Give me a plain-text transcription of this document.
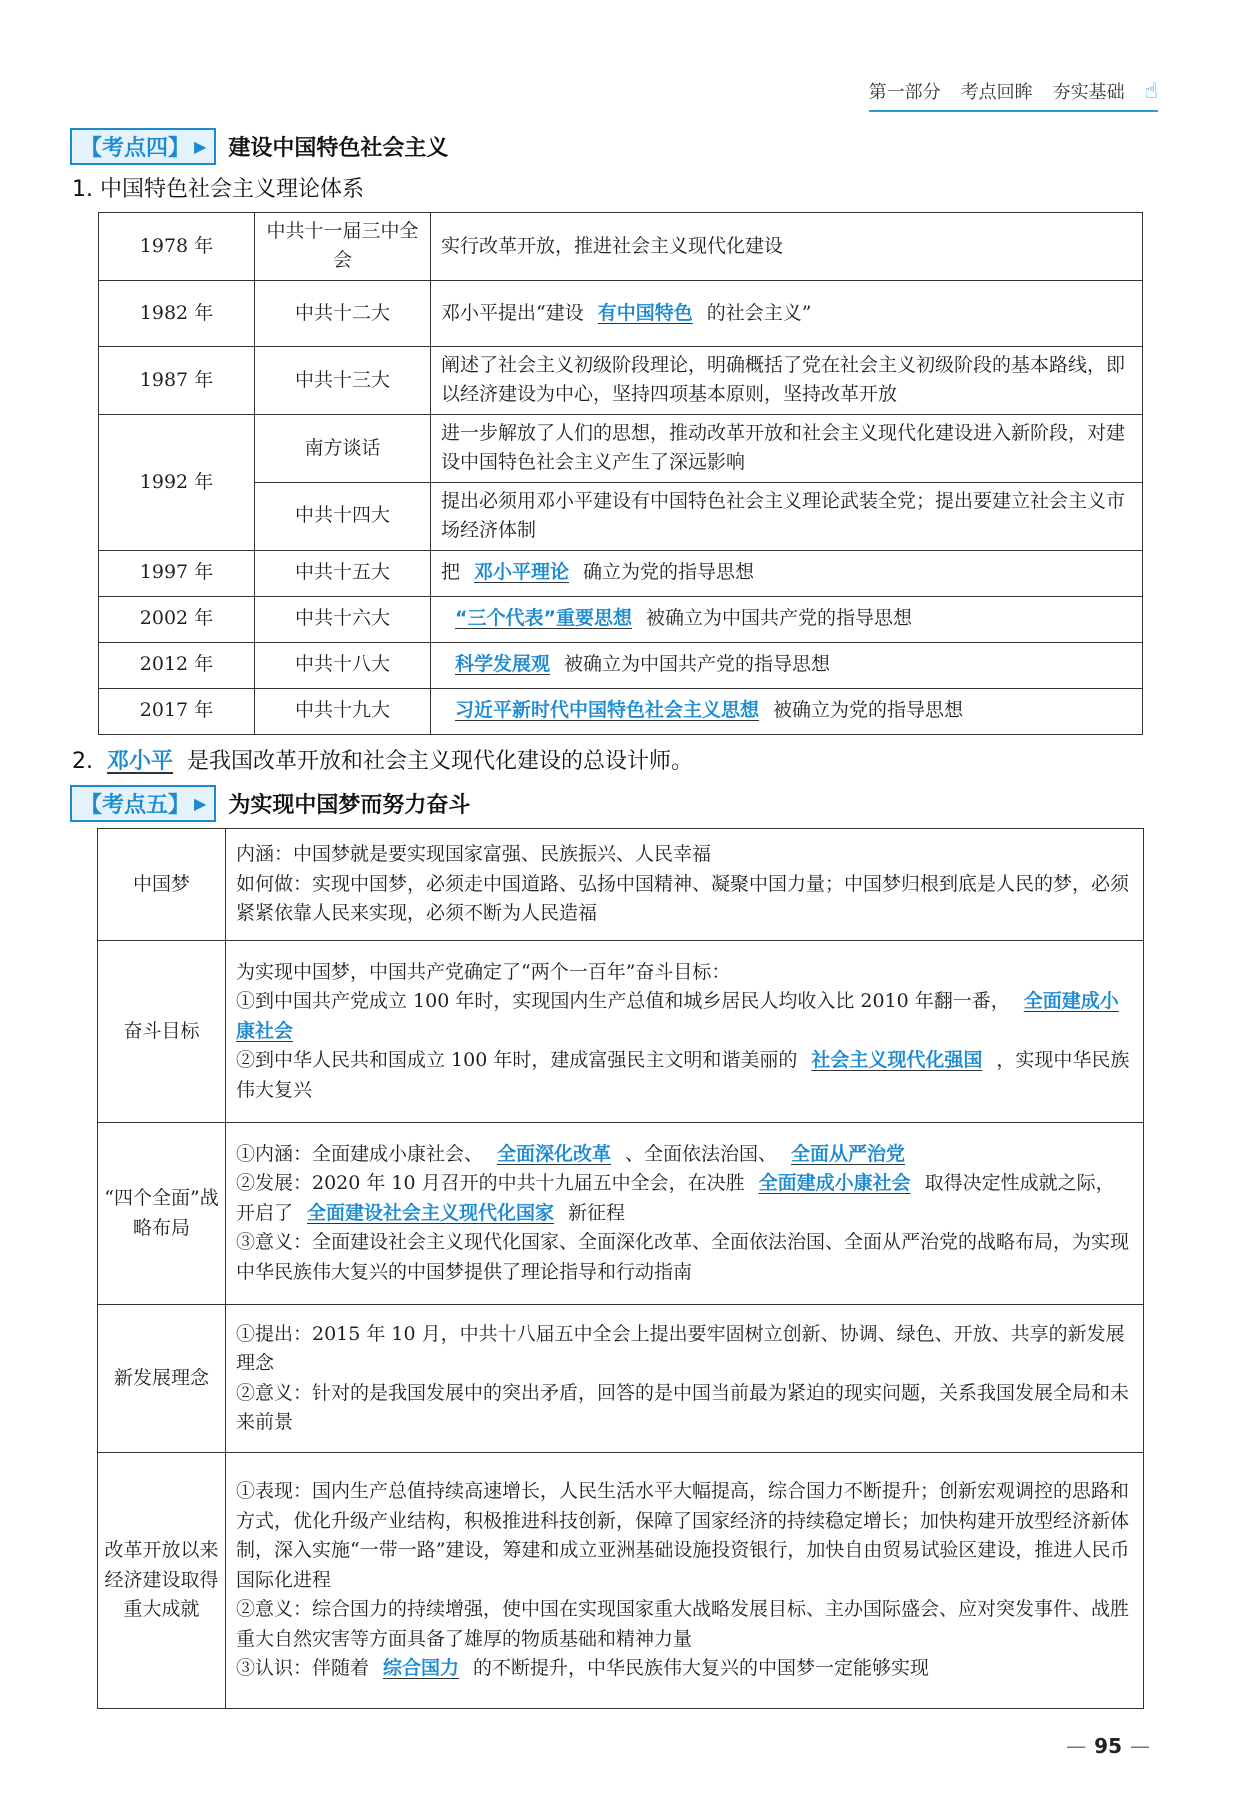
第一部分 考点回眸 夯实基础 ☝
【考点四】 ▶ 建设中国特色社会主义
1. 中国特色社会主义理论体系
1978 年	中共十一届三中全会	实行改革开放，推进社会主义现代化建设
1982 年	中共十二大	邓小平提出“建设 有中国特色 的社会主义”
1987 年	中共十三大	阐述了社会主义初级阶段理论，明确概括了党在社会主义初级阶段的基本路线，即以经济建设为中心，坚持四项基本原则，坚持改革开放
1992 年	南方谈话	进一步解放了人们的思想，推动改革开放和社会主义现代化建设进入新阶段，对建设中国特色社会主义产生了深远影响
	中共十四大	提出必须用邓小平建设有中国特色社会主义理论武装全党；提出要建立社会主义市场经济体制
1997 年	中共十五大	把 邓小平理论 确立为党的指导思想
2002 年	中共十六大	“三个代表”重要思想 被确立为中国共产党的指导思想
2012 年	中共十八大	科学发展观 被确立为中国共产党的指导思想
2017 年	中共十九大	习近平新时代中国特色社会主义思想 被确立为党的指导思想
2. 邓小平 是我国改革开放和社会主义现代化建设的总设计师。
【考点五】 ▶ 为实现中国梦而努力奋斗
中国梦	内涵：中国梦就是要实现国家富强、民族振兴、人民幸福

如何做：实现中国梦，必须走中国道路、弘扬中国精神、凝聚中国力量；中国梦归根到底是人民的梦，必须紧紧依靠人民来实现，必须不断为人民造福

奋斗目标	为实现中国梦，中国共产党确定了“两个一百年”奋斗目标：

①到中国共产党成立 100 年时，实现国内生产总值和城乡居民人均收入比 2010 年翻一番， 全面建成小康社会

②到中华人民共和国成立 100 年时，建成富强民主文明和谐美丽的 社会主义现代化强国 ，实现中华民族伟大复兴

“四个全面”战略布局	①内涵：全面建成小康社会、 全面深化改革 、全面依法治国、 全面从严治党

②发展：2020 年 10 月召开的中共十九届五中全会，在决胜 全面建成小康社会 取得决定性成就之际，开启了 全面建设社会主义现代化国家 新征程

③意义：全面建设社会主义现代化国家、全面深化改革、全面依法治国、全面从严治党的战略布局，为实现中华民族伟大复兴的中国梦提供了理论指导和行动指南

新发展理念	①提出：2015 年 10 月，中共十八届五中全会上提出要牢固树立创新、协调、绿色、开放、共享的新发展理念

②意义：针对的是我国发展中的突出矛盾，回答的是中国当前最为紧迫的现实问题，关系我国发展全局和未来前景

改革开放以来经济建设取得重大成就	①表现：国内生产总值持续高速增长，人民生活水平大幅提高，综合国力不断提升；创新宏观调控的思路和方式，优化升级产业结构，积极推进科技创新，保障了国家经济的持续稳定增长；加快构建开放型经济新体制，深入实施“一带一路”建设，筹建和成立亚洲基础设施投资银行，加快自由贸易试验区建设，推进人民币国际化进程

②意义：综合国力的持续增强，使中国在实现国家重大战略发展目标、主办国际盛会、应对突发事件、战胜重大自然灾害等方面具备了雄厚的物质基础和精神力量

③认识：伴随着 综合国力 的不断提升，中华民族伟大复兴的中国梦一定能够实现

— 95 —
